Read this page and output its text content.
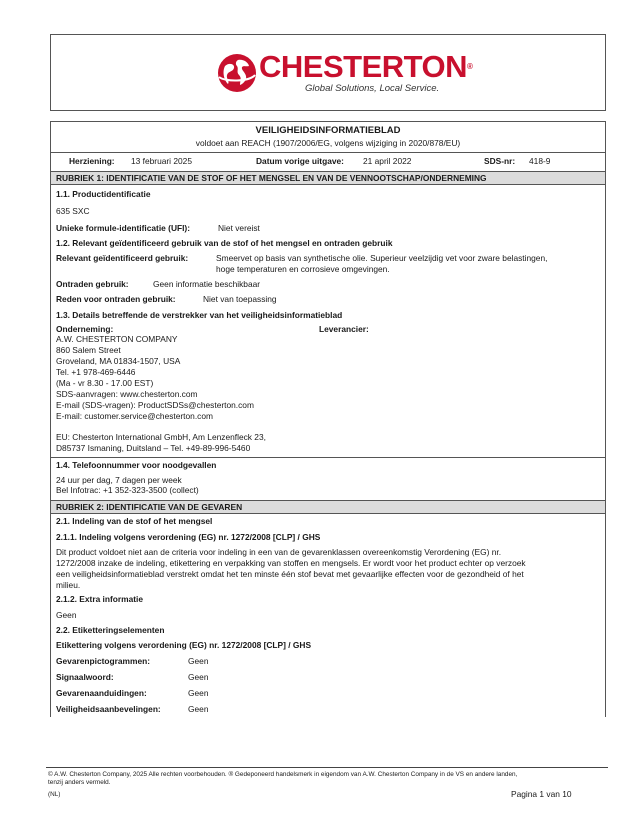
CHESTERTON®
Global Solutions, Local Service.
VEILIGHEIDSINFORMATIEBLAD
voldoet aan REACH (1907/2006/EG, volgens wijziging in 2020/878/EU)
Herziening: 13 februari 2025	Datum vorige uitgave: 21 april 2022	SDS-nr: 418-9
RUBRIEK 1: IDENTIFICATIE VAN DE STOF OF HET MENGSEL EN VAN DE VENNOOTSCHAP/ONDERNEMING
1.1. Productidentificatie
635 SXC
Unieke formule-identificatie (UFI):	Niet vereist
1.2. Relevant geïdentificeerd gebruik van de stof of het mengsel en ontraden gebruik
Relevant geïdentificeerd gebruik:	Smeervet op basis van synthetische olie. Superieur veelzijdig vet voor zware belastingen,
hoge temperaturen en corrosieve omgevingen.
Ontraden gebruik:	Geen informatie beschikbaar
Reden voor ontraden gebruik:	Niet van toepassing
1.3. Details betreffende de verstrekker van het veiligheidsinformatieblad
Onderneming:	Leverancier:
A.W. CHESTERTON COMPANY
860 Salem Street
Groveland, MA 01834-1507, USA
Tel. +1 978-469-6446
(Ma - vr 8.30 - 17.00 EST)
SDS-aanvragen: www.chesterton.com
E-mail (SDS-vragen): ProductSDSs@chesterton.com
E-mail: customer.service@chesterton.com
EU: Chesterton International GmbH, Am Lenzenfleck 23,
D85737 Ismaning, Duitsland – Tel. +49-89-996-5460
1.4. Telefoonnummer voor noodgevallen
24 uur per dag, 7 dagen per week
Bel Infotrac: +1 352-323-3500 (collect)
RUBRIEK 2: IDENTIFICATIE VAN DE GEVAREN
2.1. Indeling van de stof of het mengsel
2.1.1. Indeling volgens verordening (EG) nr. 1272/2008 [CLP] / GHS
Dit product voldoet niet aan de criteria voor indeling in een van de gevarenklassen overeenkomstig Verordening (EG) nr.
1272/2008 inzake de indeling, etikettering en verpakking van stoffen en mengsels. Er wordt voor het product echter op verzoek
een veiligheidsinformatieblad verstrekt omdat het ten minste één stof bevat met gevaarlijke effecten voor de gezondheid of het
milieu.
2.1.2. Extra informatie
Geen
2.2. Etiketteringselementen
Etikettering volgens verordening (EG) nr. 1272/2008 [CLP] / GHS
Gevarenpictogrammen:	Geen
Signaalwoord:	Geen
Gevarenaanduidingen:	Geen
Veiligheidsaanbevelingen:	Geen
© A.W. Chesterton Company, 2025 Alle rechten voorbehouden. ® Gedeponeerd handelsmerk in eigendom van A.W. Chesterton Company in de VS en andere landen,
tenzij anders vermeld.
(NL)	Pagina 1 van 10
